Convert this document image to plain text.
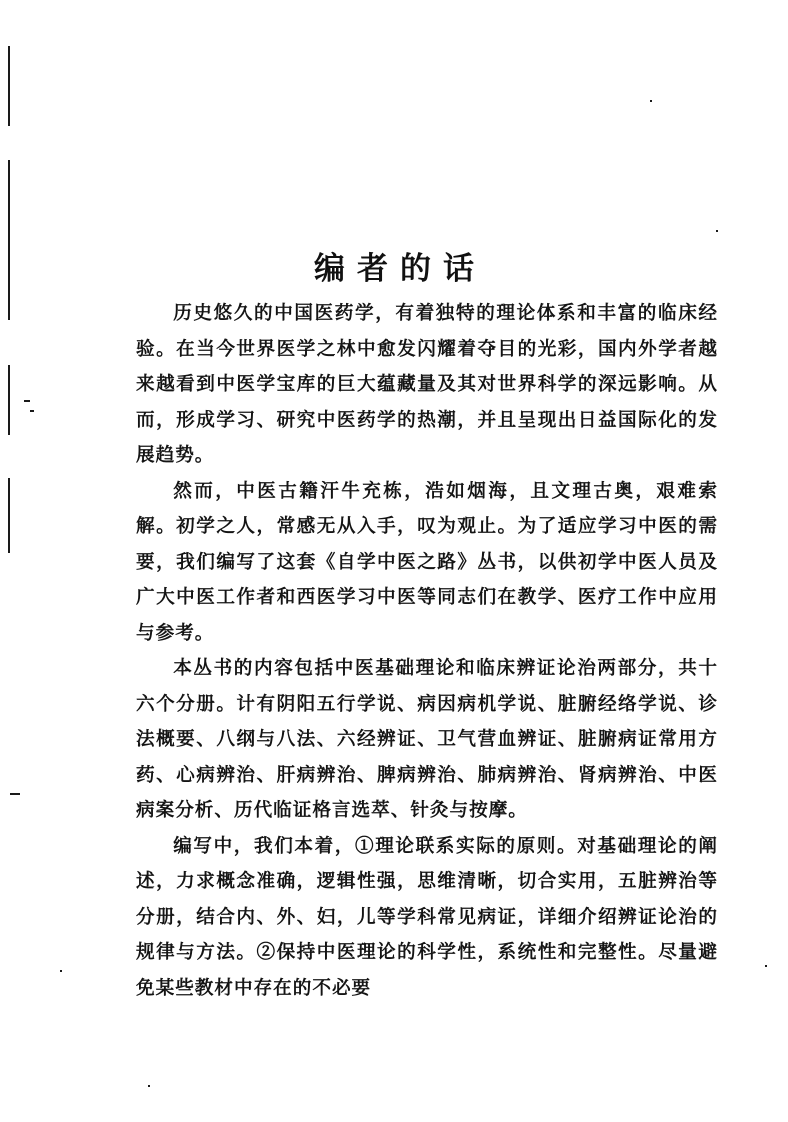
编者的话

历史悠久的中国医药学，有着独特的理论体系和丰富的临床经验。在当今世界医学之林中愈发闪耀着夺目的光彩，国内外学者越来越看到中医学宝库的巨大蕴藏量及其对世界科学的深远影响。从而，形成学习、研究中医药学的热潮，并且呈现出日益国际化的发展趋势。

然而，中医古籍汗牛充栋，浩如烟海，且文理古奥，艰难索解。初学之人，常感无从入手，叹为观止。为了适应学习中医的需要，我们编写了这套《自学中医之路》丛书，以供初学中医人员及广大中医工作者和西医学习中医等同志们在教学、医疗工作中应用与参考。

本丛书的内容包括中医基础理论和临床辨证论治两部分，共十六个分册。计有阴阳五行学说、病因病机学说、脏腑经络学说、诊法概要、八纲与八法、六经辨证、卫气营血辨证、脏腑病证常用方药、心病辨治、肝病辨治、脾病辨治、肺病辨治、肾病辨治、中医病案分析、历代临证格言选萃、针灸与按摩。

编写中，我们本着，①理论联系实际的原则。对基础理论的阐述，力求概念准确，逻辑性强，思维清晰，切合实用，五脏辨治等分册，结合内、外、妇，儿等学科常见病证，详细介绍辨证论治的规律与方法。②保持中医理论的科学性，系统性和完整性。尽量避免某些教材中存在的不必要
